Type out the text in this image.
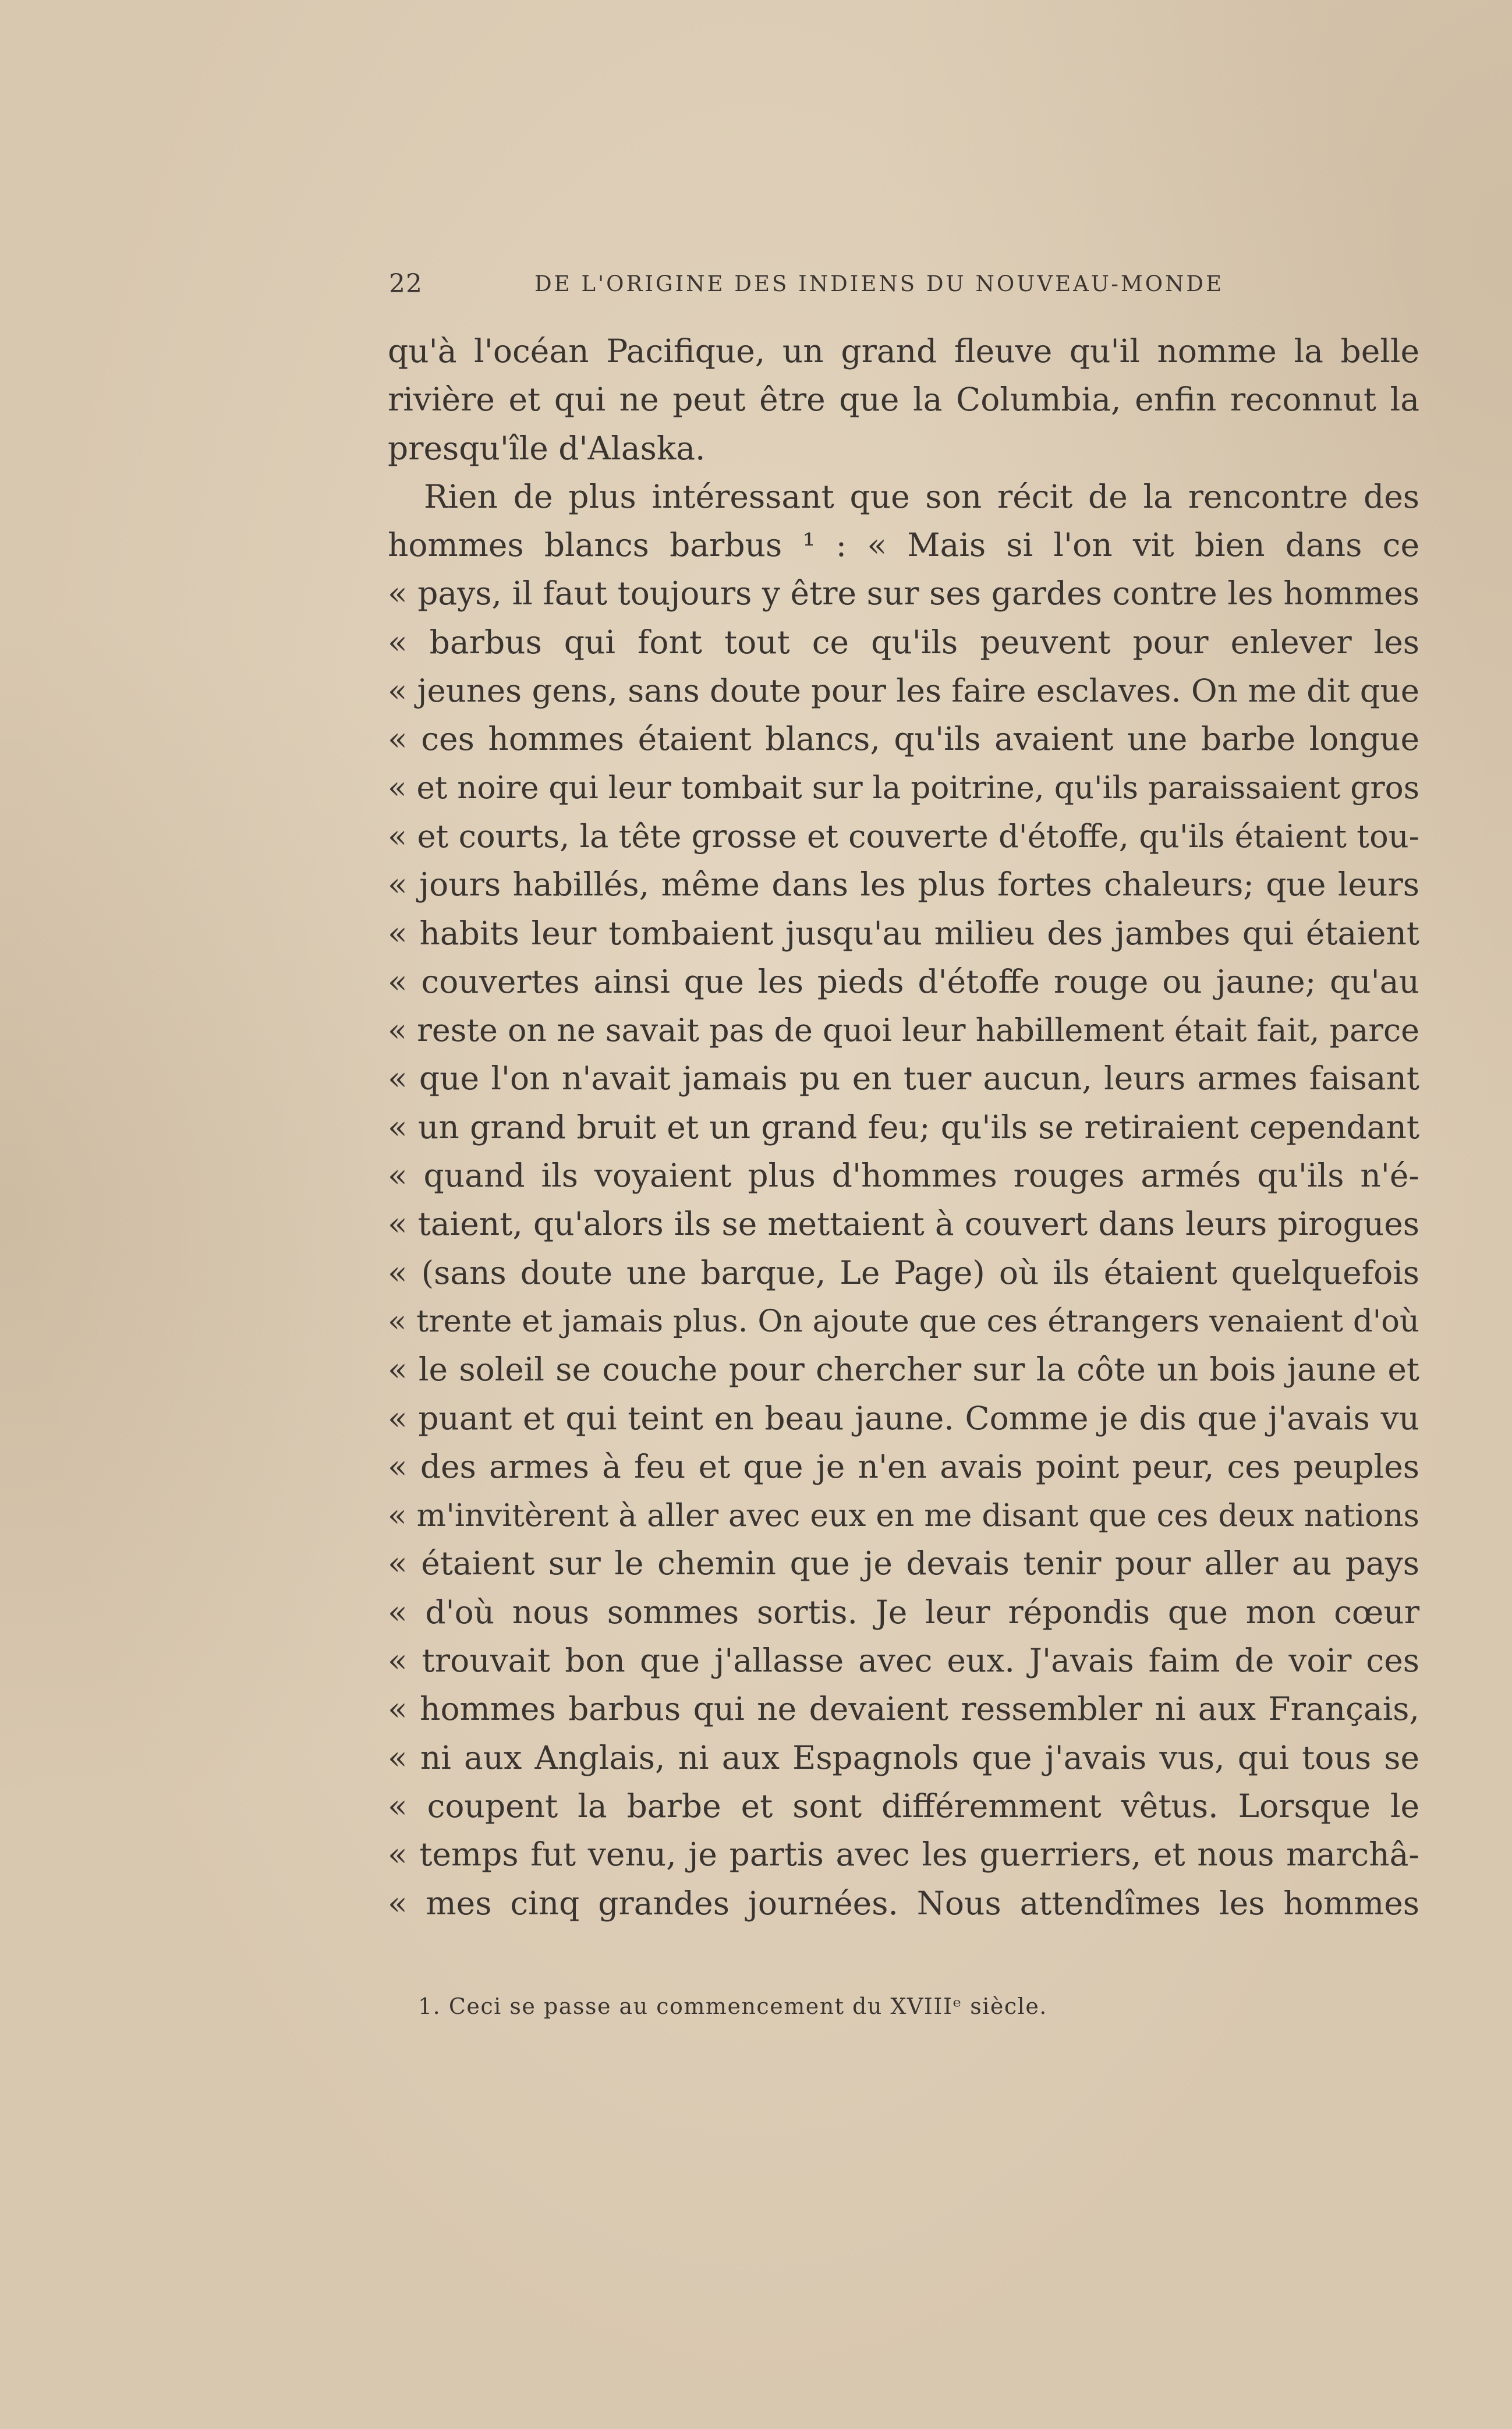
22	DE L'ORIGINE DES INDIENS DU NOUVEAU-MONDE
qu'à l'océan Pacifique, un grand fleuve qu'il nomme la belle
rivière et qui ne peut être que la Columbia, enfin reconnut la
presqu'île d'Alaska.
Rien de plus intéressant que son récit de la rencontre des
hommes blancs barbus ¹ : « Mais si l'on vit bien dans ce
« pays, il faut toujours y être sur ses gardes contre les hommes
« barbus qui font tout ce qu'ils peuvent pour enlever les
« jeunes gens, sans doute pour les faire esclaves. On me dit que
« ces hommes étaient blancs, qu'ils avaient une barbe longue
« et noire qui leur tombait sur la poitrine, qu'ils paraissaient gros
« et courts, la tête grosse et couverte d'étoffe, qu'ils étaient tou-
« jours habillés, même dans les plus fortes chaleurs; que leurs
« habits leur tombaient jusqu'au milieu des jambes qui étaient
« couvertes ainsi que les pieds d'étoffe rouge ou jaune; qu'au
« reste on ne savait pas de quoi leur habillement était fait, parce
« que l'on n'avait jamais pu en tuer aucun, leurs armes faisant
« un grand bruit et un grand feu; qu'ils se retiraient cependant
« quand ils voyaient plus d'hommes rouges armés qu'ils n'é-
« taient, qu'alors ils se mettaient à couvert dans leurs pirogues
« (sans doute une barque, Le Page) où ils étaient quelquefois
« trente et jamais plus. On ajoute que ces étrangers venaient d'où
« le soleil se couche pour chercher sur la côte un bois jaune et
« puant et qui teint en beau jaune. Comme je dis que j'avais vu
« des armes à feu et que je n'en avais point peur, ces peuples
« m'invitèrent à aller avec eux en me disant que ces deux nations
« étaient sur le chemin que je devais tenir pour aller au pays
« d'où nous sommes sortis. Je leur répondis que mon cœur
« trouvait bon que j'allasse avec eux. J'avais faim de voir ces
« hommes barbus qui ne devaient ressembler ni aux Français,
« ni aux Anglais, ni aux Espagnols que j'avais vus, qui tous se
« coupent la barbe et sont différemment vêtus. Lorsque le
« temps fut venu, je partis avec les guerriers, et nous marchâ-
« mes cinq grandes journées. Nous attendîmes les hommes
1. Ceci se passe au commencement du XVIIIᵉ siècle.
